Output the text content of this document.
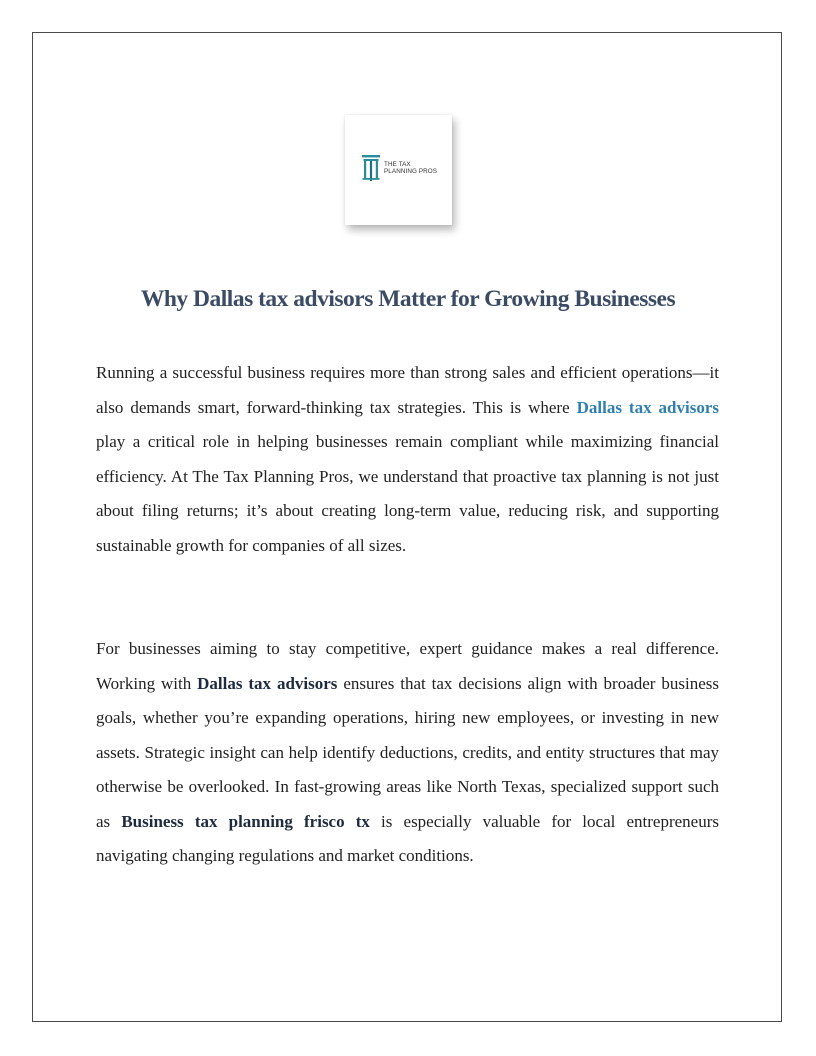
THE TAX
PLANNING PROS
Why Dallas tax advisors Matter for Growing Businesses

Running a successful business requires more than strong sales and efficient operations—it also demands smart, forward-thinking tax strategies. This is where Dallas tax advisors play a critical role in helping businesses remain compliant while maximizing financial efficiency. At The Tax Planning Pros, we understand that proactive tax planning is not just about filing returns; it’s about creating long-term value, reducing risk, and supporting sustainable growth for companies of all sizes.

For businesses aiming to stay competitive, expert guidance makes a real difference. Working with Dallas tax advisors ensures that tax decisions align with broader business goals, whether you’re expanding operations, hiring new employees, or investing in new assets. Strategic insight can help identify deductions, credits, and entity structures that may otherwise be overlooked. In fast-growing areas like North Texas, specialized support such as Business tax planning frisco tx is especially valuable for local entrepreneurs navigating changing regulations and market conditions.
